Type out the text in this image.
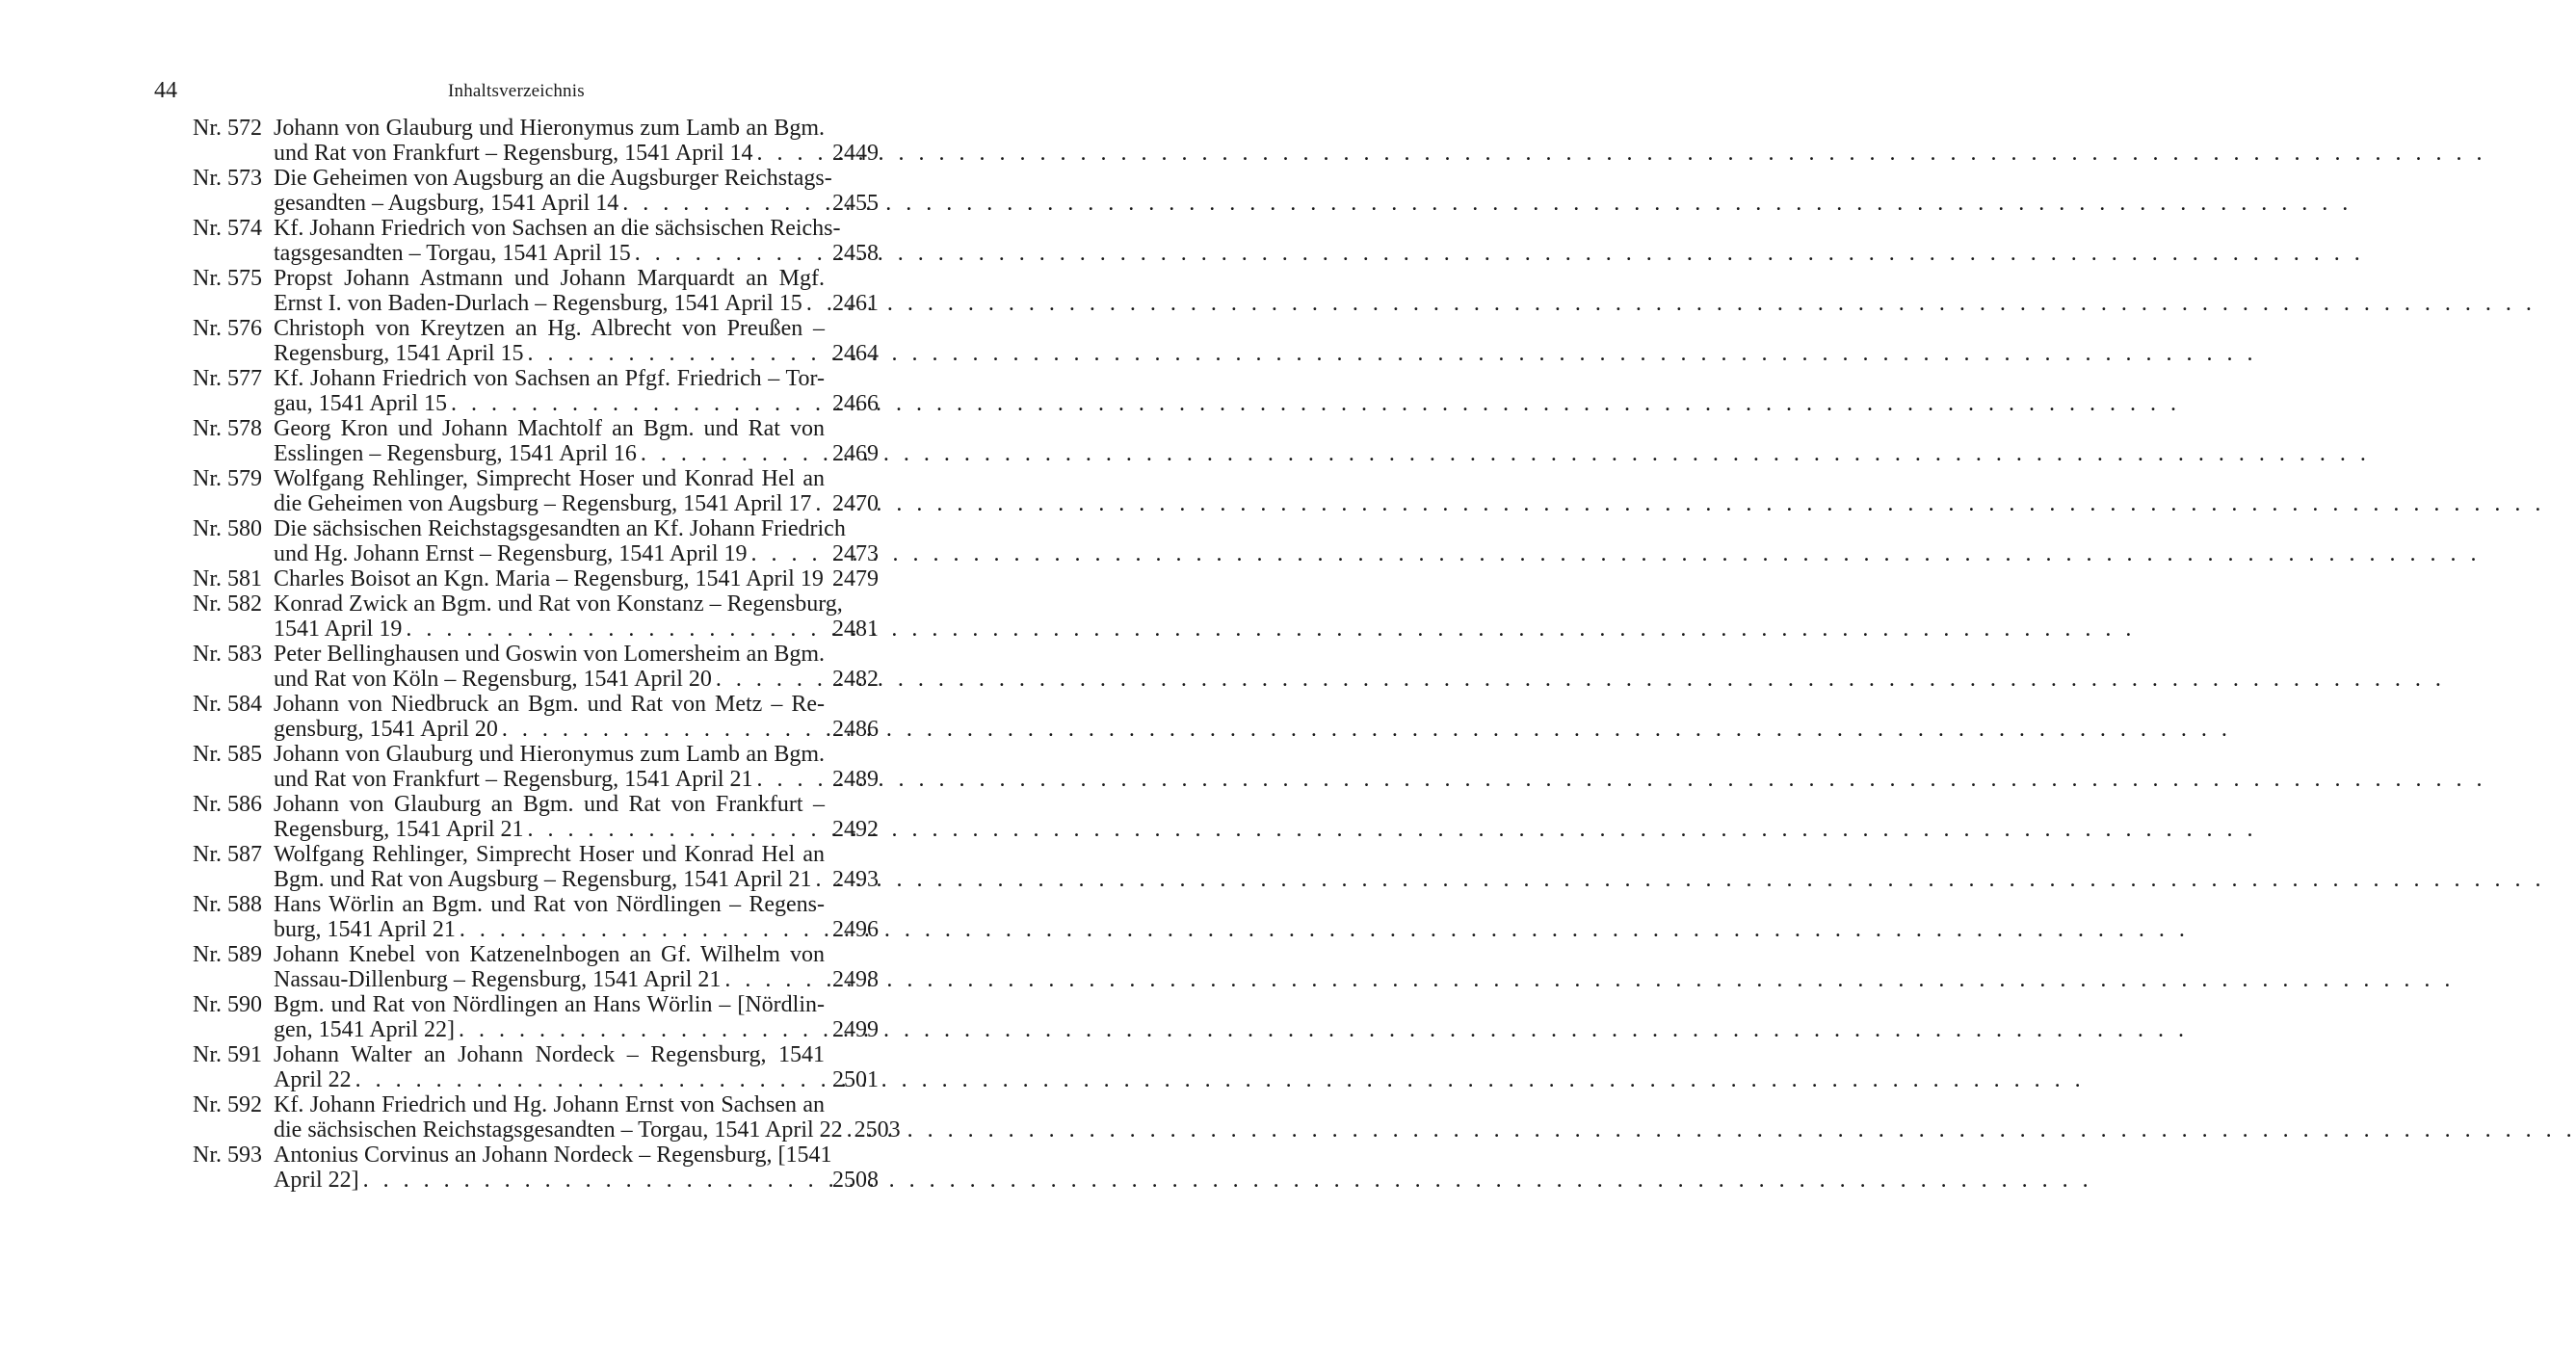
44	Inhaltsverzeichnis
Nr. 572 Johann von Glauburg und Hieronymus zum Lamb an Bgm.
und Rat von Frankfurt – Regensburg, 1541 April 14 . . .	2449
Nr. 573 Die Geheimen von Augsburg an die Augsburger Reichstags-
gesandten – Augsburg, 1541 April 14 . . .	2455
Nr. 574 Kf. Johann Friedrich von Sachsen an die sächsischen Reichs-
tagsgesandten – Torgau, 1541 April 15 . . .	2458
Nr. 575 Propst Johann Astmann und Johann Marquardt an Mgf.
Ernst I. von Baden-Durlach – Regensburg, 1541 April 15 . . .	2461
Nr. 576 Christoph von Kreytzen an Hg. Albrecht von Preußen –
Regensburg, 1541 April 15 . . .	2464
Nr. 577 Kf. Johann Friedrich von Sachsen an Pfgf. Friedrich – Tor-
gau, 1541 April 15 . . .	2466
Nr. 578 Georg Kron und Johann Machtolf an Bgm. und Rat von
Esslingen – Regensburg, 1541 April 16 . . .	2469
Nr. 579 Wolfgang Rehlinger, Simprecht Hoser und Konrad Hel an
die Geheimen von Augsburg – Regensburg, 1541 April 17 . . . 2470
Nr. 580 Die sächsischen Reichstagsgesandten an Kf. Johann Friedrich
und Hg. Johann Ernst – Regensburg, 1541 April 19 . . .	2473
Nr. 581 Charles Boisot an Kgn. Maria – Regensburg, 1541 April 19 2479
Nr. 582 Konrad Zwick an Bgm. und Rat von Konstanz – Regensburg,
1541 April 19 . . .	2481
Nr. 583 Peter Bellinghausen und Goswin von Lomersheim an Bgm.
und Rat von Köln – Regensburg, 1541 April 20 . . .	2482
Nr. 584 Johann von Niedbruck an Bgm. und Rat von Metz – Re-
gensburg, 1541 April 20 . . .	2486
Nr. 585 Johann von Glauburg und Hieronymus zum Lamb an Bgm.
und Rat von Frankfurt – Regensburg, 1541 April 21 . . .	2489
Nr. 586 Johann von Glauburg an Bgm. und Rat von Frankfurt –
Regensburg, 1541 April 21 . . .	2492
Nr. 587 Wolfgang Rehlinger, Simprecht Hoser und Konrad Hel an
Bgm. und Rat von Augsburg – Regensburg, 1541 April 21 . . . 2493
Nr. 588 Hans Wörlin an Bgm. und Rat von Nördlingen – Regens-
burg, 1541 April 21 . . .	2496
Nr. 589 Johann Knebel von Katzenelnbogen an Gf. Wilhelm von
Nassau-Dillenburg – Regensburg, 1541 April 21 . . .	2498
Nr. 590 Bgm. und Rat von Nördlingen an Hans Wörlin – [Nördlin-
gen, 1541 April 22] . . .	2499
Nr. 591 Johann Walter an Johann Nordeck – Regensburg, 1541
April 22 . . .	2501
Nr. 592 Kf. Johann Friedrich und Hg. Johann Ernst von Sachsen an
die sächsischen Reichstagsgesandten – Torgau, 1541 April 22 . . . 2503
Nr. 593 Antonius Corvinus an Johann Nordeck – Regensburg, [1541
April 22] . . .	2508
